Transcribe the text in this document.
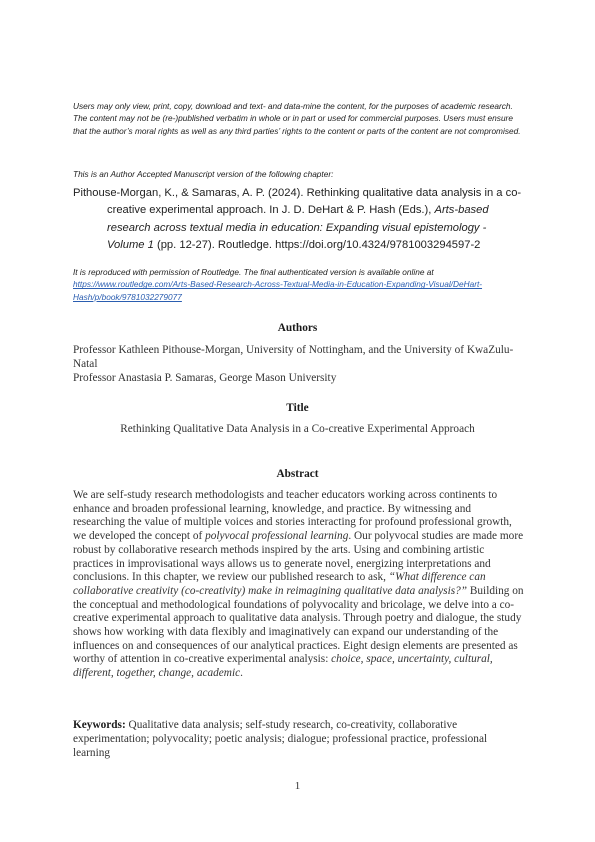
Users may only view, print, copy, download and text- and data-mine the content, for the purposes of academic research. The content may not be (re-)published verbatim in whole or in part or used for commercial purposes. Users must ensure that the author’s moral rights as well as any third parties’ rights to the content or parts of the content are not compromised.
This is an Author Accepted Manuscript version of the following chapter:
Pithouse-Morgan, K., & Samaras, A. P. (2024). Rethinking qualitative data analysis in a co-creative experimental approach. In J. D. DeHart & P. Hash (Eds.), Arts-based research across textual media in education: Expanding visual epistemology - Volume 1 (pp. 12-27). Routledge. https://doi.org/10.4324/9781003294597-2
It is reproduced with permission of Routledge. The final authenticated version is available online at https://www.routledge.com/Arts-Based-Research-Across-Textual-Media-in-Education-Expanding-Visual/DeHart-Hash/p/book/9781032279077
Authors
Professor Kathleen Pithouse-Morgan, University of Nottingham, and the University of KwaZulu-Natal
Professor Anastasia P. Samaras, George Mason University
Title
Rethinking Qualitative Data Analysis in a Co-creative Experimental Approach
Abstract
We are self-study research methodologists and teacher educators working across continents to enhance and broaden professional learning, knowledge, and practice. By witnessing and researching the value of multiple voices and stories interacting for profound professional growth, we developed the concept of polyvocal professional learning. Our polyvocal studies are made more robust by collaborative research methods inspired by the arts. Using and combining artistic practices in improvisational ways allows us to generate novel, energizing interpretations and conclusions. In this chapter, we review our published research to ask, “What difference can collaborative creativity (co-creativity) make in reimagining qualitative data analysis?” Building on the conceptual and methodological foundations of polyvocality and bricolage, we delve into a co-creative experimental approach to qualitative data analysis. Through poetry and dialogue, the study shows how working with data flexibly and imaginatively can expand our understanding of the influences on and consequences of our analytical practices. Eight design elements are presented as worthy of attention in co-creative experimental analysis: choice, space, uncertainty, cultural, different, together, change, academic.
Keywords: Qualitative data analysis; self-study research, co-creativity, collaborative experimentation; polyvocality; poetic analysis; dialogue; professional practice, professional learning
1
